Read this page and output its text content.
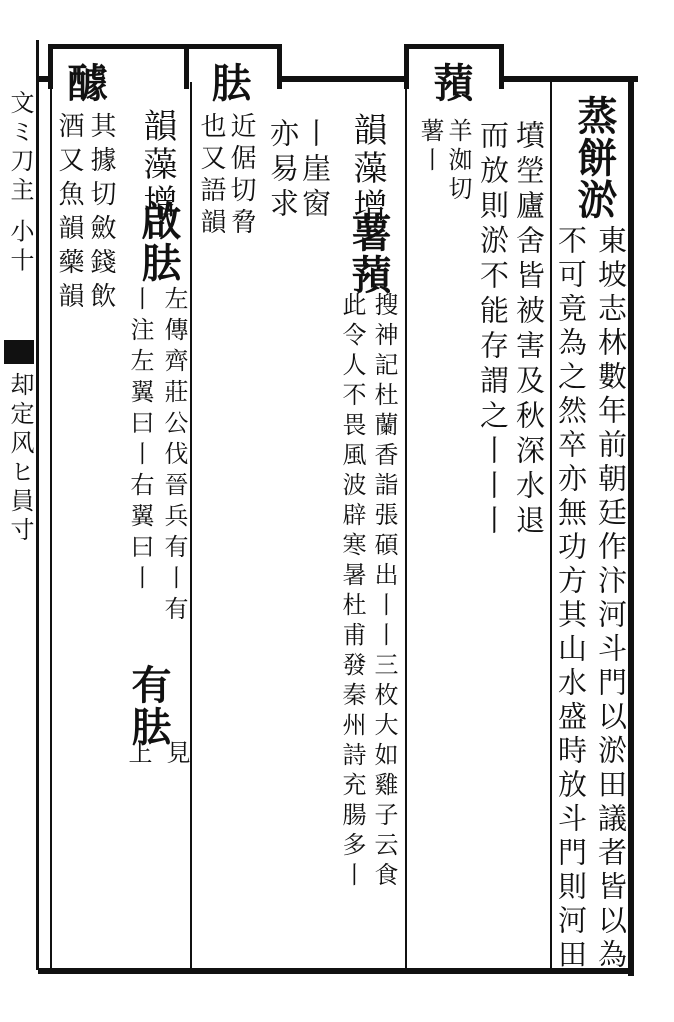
文ミ刀主 小十
却定风ヒ員寸
蒸餅淤
東坡志林數年前朝廷作汴河斗門以淤田議者皆以為
不可竟為之然卒亦無功方其山水盛時放斗門則河田
墳塋廬舍皆被害及秋深水退
而放則淤不能存謂之丨丨丨
蕷
羊洳切
薯丨
韻藻增
薯蕷
搜神記杜蘭香詣張碩出丨丨三枚大如雞子云食
此令人不畏風波辟寒暑杜甫發秦州詩充腸多丨
丨崖窗
亦易求
胠
近倨切脅
也又語韻
韻藻增
啟胠
左傳齊莊公伐晉兵有丨有
丨注左翼曰丨右翼曰丨
有胠
見
上
醵
其據切斂錢飲
酒又魚韻藥韻
